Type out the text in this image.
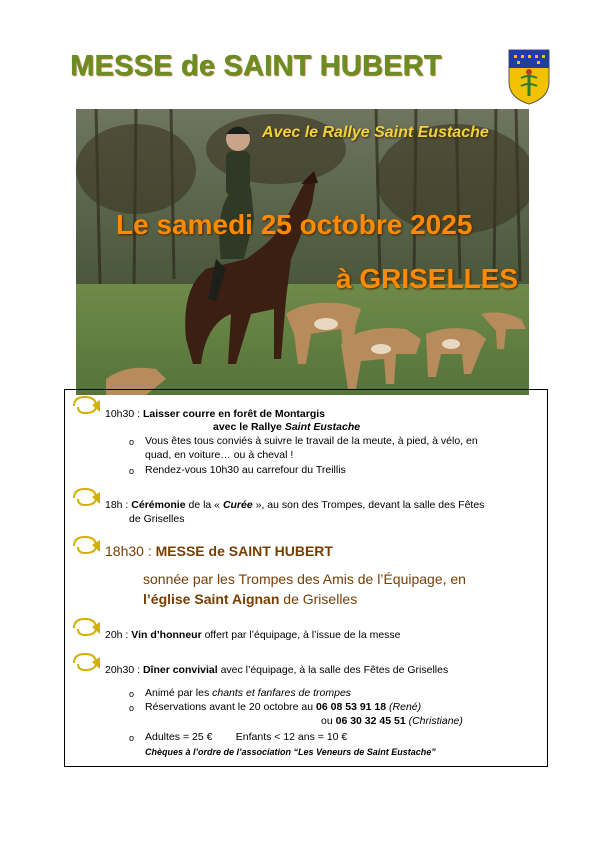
MESSE de SAINT HUBERT
Avec le Rallye Saint Eustache
Le samedi 25 octobre 2025
à GRISELLES
10h30 : Laisser courre en forêt de Montargis
avec le Rallye Saint Eustache
o Vous êtes tous conviés à suivre le travail de la meute, à pied, à vélo, en
quad, en voiture… ou à cheval !
o Rendez-vous 10h30 au carrefour du Treillis
18h : Cérémonie de la « Curée », au son des Trompes, devant la salle des Fêtes
de Griselles
18h30 : MESSE de SAINT HUBERT
sonnée par les Trompes des Amis de l’Équipage, en
l’église Saint Aignan de Griselles
20h : Vin d’honneur offert par l’équipage, à l’issue de la messe
20h30 : Dîner convivial avec l’équipage, à la salle des Fêtes de Griselles
o Animé par les chants et fanfares de trompes
o Réservations avant le 20 octobre au 06 08 53 91 18 (René)
ou 06 30 32 45 51 (Christiane)
o Adultes = 25 €        Enfants < 12 ans = 10 €
Chèques à l’ordre de l’association “Les Veneurs de Saint Eustache”
